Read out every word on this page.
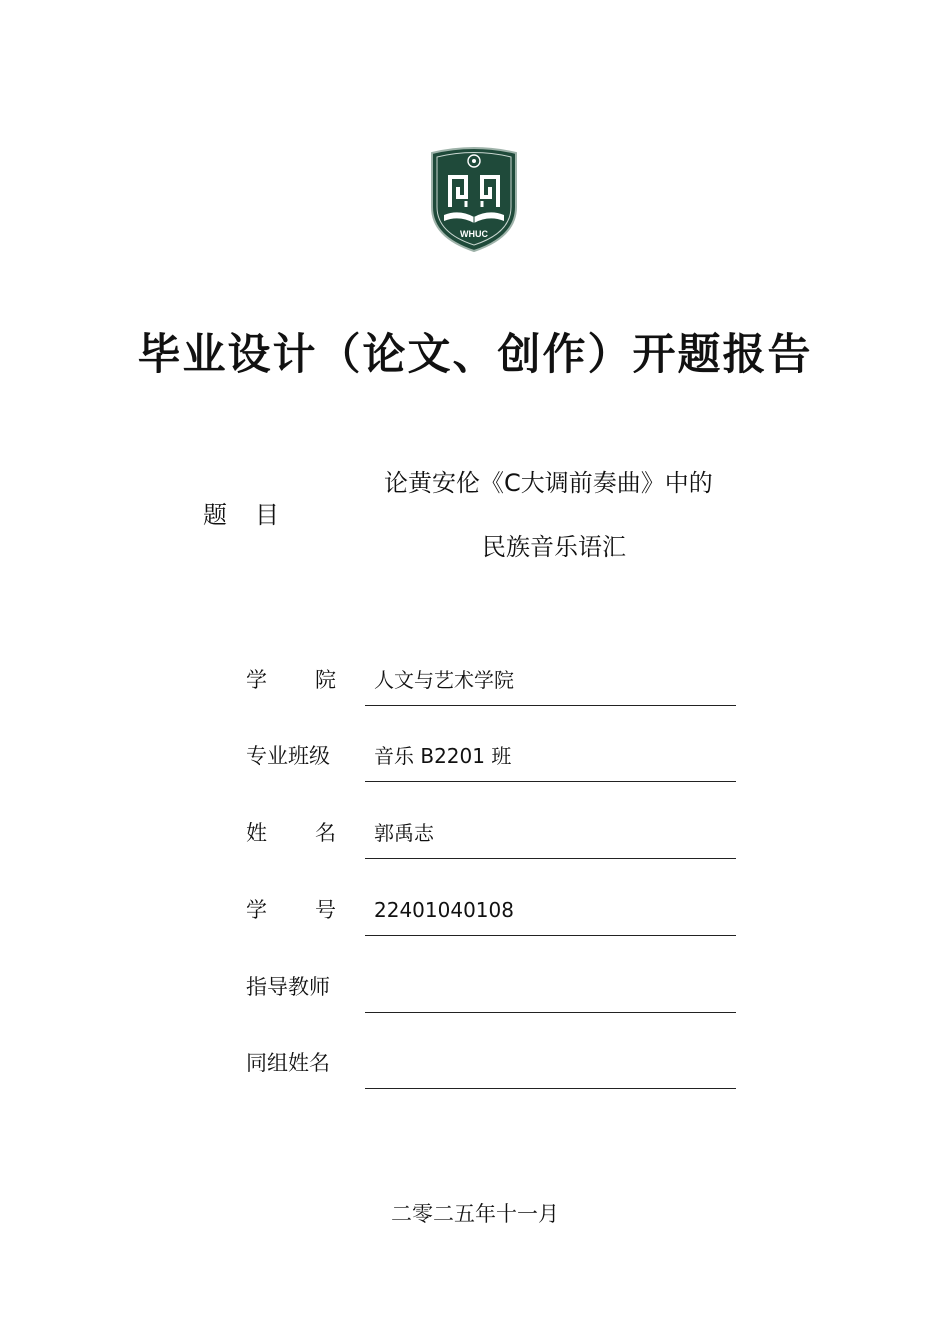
WHUC
毕业设计（论文、创作）开题报告
题 目
论黄安伦《C大调前奏曲》中的
民族音乐语汇
学 院 人文与艺术学院
专业班级 音乐 B2201 班
姓 名 郭禹志
学 号 22401040108
指导教师
同组姓名
二零二五年十一月
